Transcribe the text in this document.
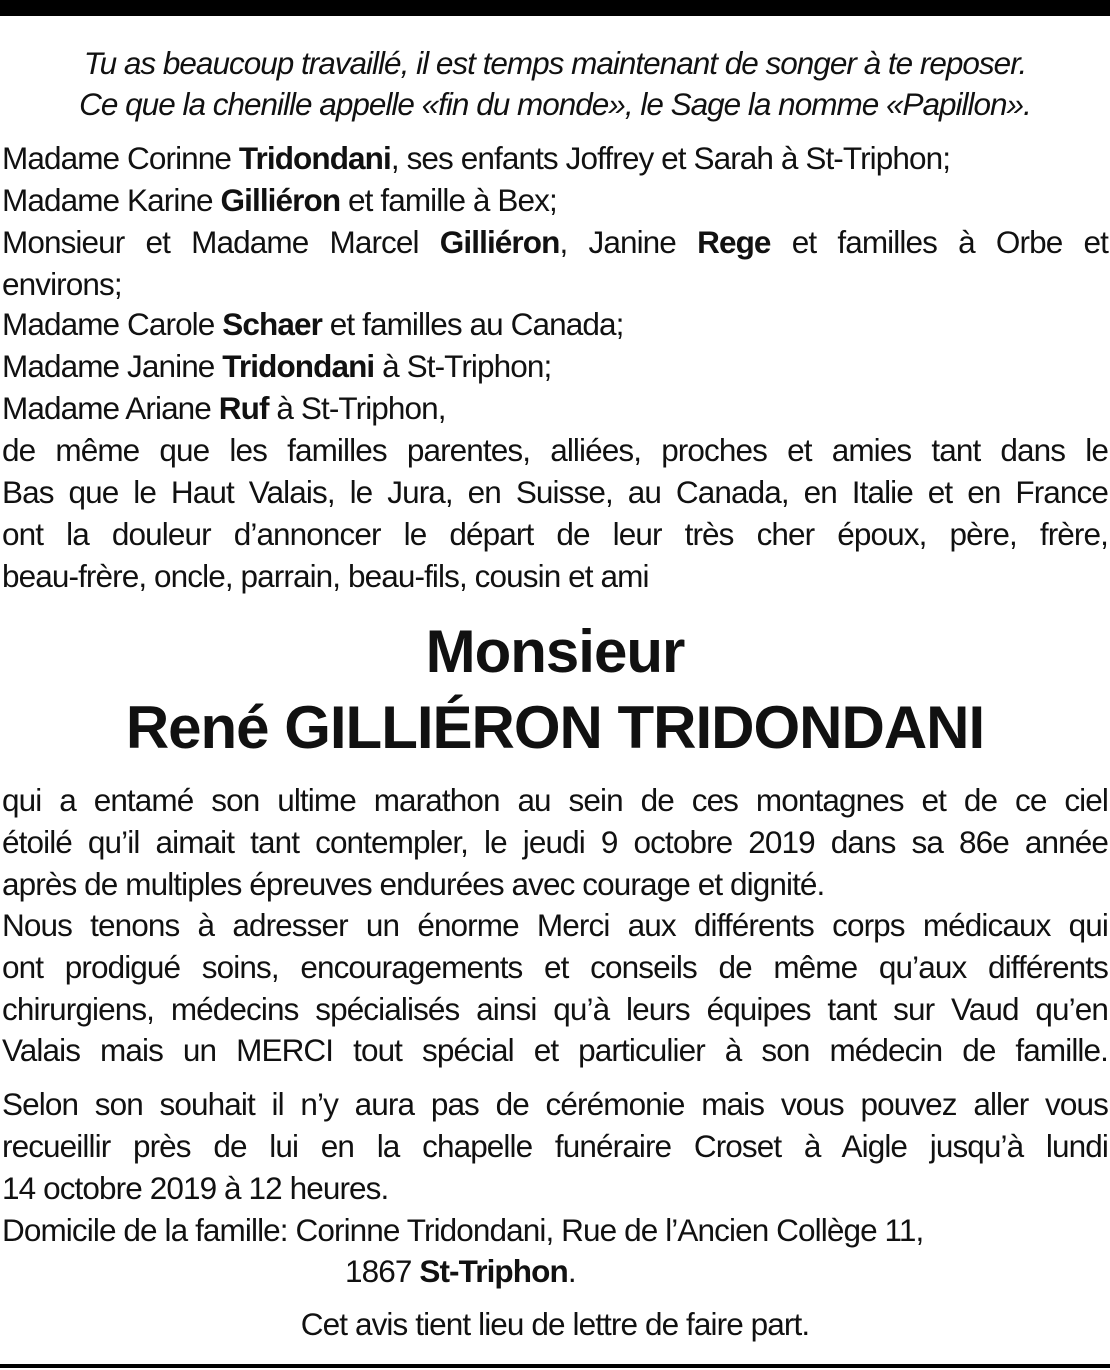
Tu as beaucoup travaillé, il est temps maintenant de songer à te reposer.
Ce que la chenille appelle «fin du monde», le Sage la nomme «Papillon».
Madame Corinne Tridondani, ses enfants Joffrey et Sarah à St-Triphon;
Madame Karine Gilliéron et famille à Bex;
Monsieur et Madame Marcel Gilliéron, Janine Rege et familles à Orbe et
environs;
Madame Carole Schaer et familles au Canada;
Madame Janine Tridondani à St-Triphon;
Madame Ariane Ruf à St-Triphon,
de même que les familles parentes, alliées, proches et amies tant dans le
Bas que le Haut Valais, le Jura, en Suisse, au Canada, en Italie et en France
ont la douleur d’annoncer le départ de leur très cher époux, père, frère,
beau-frère, oncle, parrain, beau-fils, cousin et ami
Monsieur
René GILLIÉRON TRIDONDANI
qui a entamé son ultime marathon au sein de ces montagnes et de ce ciel
étoilé qu’il aimait tant contempler, le jeudi 9 octobre 2019 dans sa 86e année
après de multiples épreuves endurées avec courage et dignité.
Nous tenons à adresser un énorme Merci aux différents corps médicaux qui
ont prodigué soins, encouragements et conseils de même qu’aux différents
chirurgiens, médecins spécialisés ainsi qu’à leurs équipes tant sur Vaud qu’en
Valais mais un MERCI tout spécial et particulier à son médecin de famille.
Selon son souhait il n’y aura pas de cérémonie mais vous pouvez aller vous
recueillir près de lui en la chapelle funéraire Croset à Aigle jusqu’à lundi
14 octobre 2019 à 12 heures.
Domicile de la famille: Corinne Tridondani, Rue de l’Ancien Collège 11,
1867 St-Triphon.
Cet avis tient lieu de lettre de faire part.
